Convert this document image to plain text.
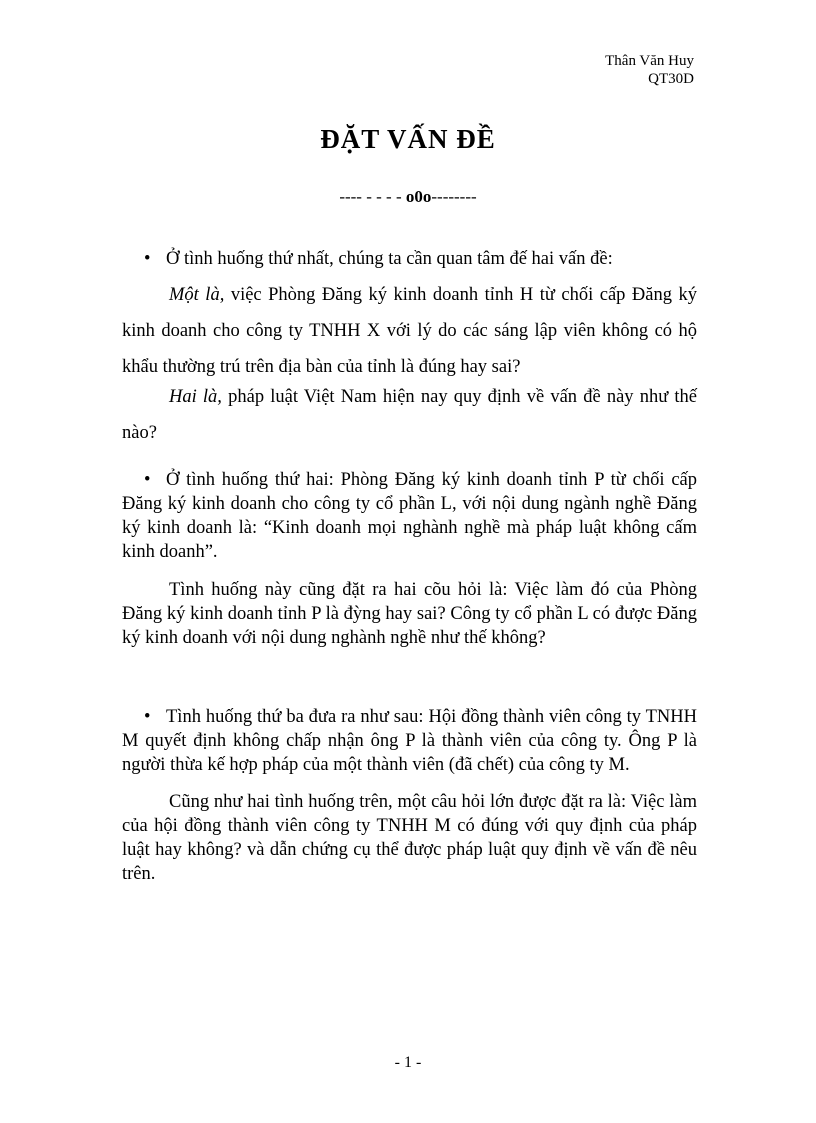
Thân Văn Huy
QT30D
ĐẶT VẤN ĐỀ
---- - - - - o0o--------
• Ở tình huống thứ nhất, chúng ta cần quan tâm đế hai vấn đề:
Một là, việc Phòng Đăng ký kinh doanh tỉnh H từ chối cấp Đăng ký kinh doanh cho công ty TNHH X với lý do các sáng lập viên không có hộ khẩu thường trú trên địa bàn của tỉnh là đúng hay sai?
Hai là, pháp luật Việt Nam hiện nay quy định về vấn đề này như thế nào?
• Ở tình huống thứ hai: Phòng Đăng ký kinh doanh tỉnh P từ chối cấp Đăng ký kinh doanh cho công ty cổ phần L, với nội dung ngành nghề Đăng ký kinh doanh là: “Kinh doanh mọi nghành nghề mà pháp luật không cấm kinh doanh”.
Tình huống này cũng đặt ra hai cõu hỏi là: Việc làm đó của Phòng Đăng ký kinh doanh tỉnh P là đỳng hay sai? Công ty cổ phần L có được Đăng ký kinh doanh với nội dung nghành nghề như thế không?
• Tình huống thứ ba đưa ra như sau: Hội đồng thành viên công ty TNHH M quyết định không chấp nhận ông P là thành viên của công ty. Ông P là người thừa kế hợp pháp của một thành viên (đã chết) của công ty M.
Cũng như hai tình huống trên, một câu hỏi lớn được đặt ra là: Việc làm của hội đồng thành viên công ty TNHH M có đúng với quy định của pháp luật hay không? và dẫn chứng cụ thể được pháp luật quy định về vấn đề nêu trên.
- 1 -
